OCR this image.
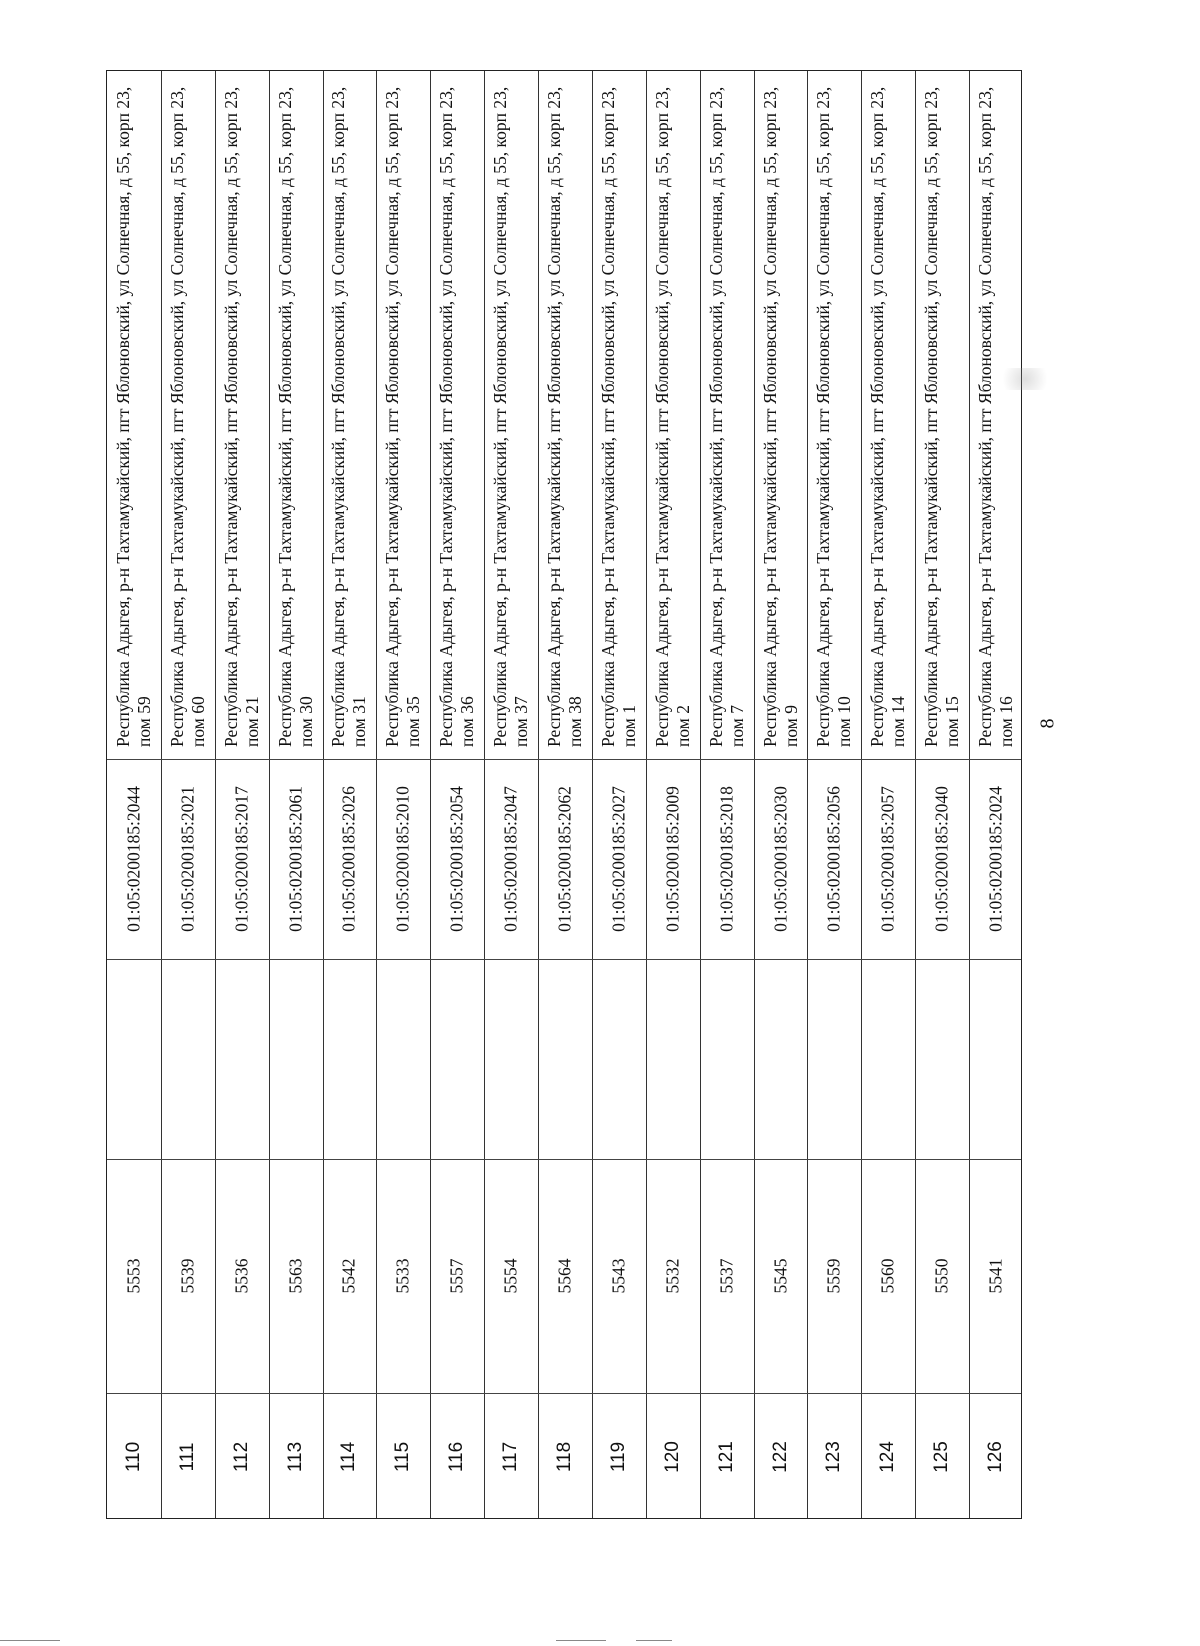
Республика Адыгея, р-н Тахтамукайский, пгт Яблоновский, ул Солнечная, д 55, корп 23, пом 59
01:05:0200185:2044
5553
110
Республика Адыгея, р-н Тахтамукайский, пгт Яблоновский, ул Солнечная, д 55, корп 23, пом 60
01:05:0200185:2021
5539
111
Республика Адыгея, р-н Тахтамукайский, пгт Яблоновский, ул Солнечная, д 55, корп 23, пом 21
01:05:0200185:2017
5536
112
Республика Адыгея, р-н Тахтамукайский, пгт Яблоновский, ул Солнечная, д 55, корп 23, пом 30
01:05:0200185:2061
5563
113
Республика Адыгея, р-н Тахтамукайский, пгт Яблоновский, ул Солнечная, д 55, корп 23, пом 31
01:05:0200185:2026
5542
114
Республика Адыгея, р-н Тахтамукайский, пгт Яблоновский, ул Солнечная, д 55, корп 23, пом 35
01:05:0200185:2010
5533
115
Республика Адыгея, р-н Тахтамукайский, пгт Яблоновский, ул Солнечная, д 55, корп 23, пом 36
01:05:0200185:2054
5557
116
Республика Адыгея, р-н Тахтамукайский, пгт Яблоновский, ул Солнечная, д 55, корп 23, пом 37
01:05:0200185:2047
5554
117
Республика Адыгея, р-н Тахтамукайский, пгт Яблоновский, ул Солнечная, д 55, корп 23, пом 38
01:05:0200185:2062
5564
118
Республика Адыгея, р-н Тахтамукайский, пгт Яблоновский, ул Солнечная, д 55, корп 23, пом 1
01:05:0200185:2027
5543
119
Республика Адыгея, р-н Тахтамукайский, пгт Яблоновский, ул Солнечная, д 55, корп 23, пом 2
01:05:0200185:2009
5532
120
Республика Адыгея, р-н Тахтамукайский, пгт Яблоновский, ул Солнечная, д 55, корп 23, пом 7
01:05:0200185:2018
5537
121
Республика Адыгея, р-н Тахтамукайский, пгт Яблоновский, ул Солнечная, д 55, корп 23, пом 9
01:05:0200185:2030
5545
122
Республика Адыгея, р-н Тахтамукайский, пгт Яблоновский, ул Солнечная, д 55, корп 23, пом 10
01:05:0200185:2056
5559
123
Республика Адыгея, р-н Тахтамукайский, пгт Яблоновский, ул Солнечная, д 55, корп 23, пом 14
01:05:0200185:2057
5560
124
Республика Адыгея, р-н Тахтамукайский, пгт Яблоновский, ул Солнечная, д 55, корп 23, пом 15
01:05:0200185:2040
5550
125
Республика Адыгея, р-н Тахтамукайский, пгт Яблоновский, ул Солнечная, д 55, корп 23, пом 16
01:05:0200185:2024
5541
126
8
